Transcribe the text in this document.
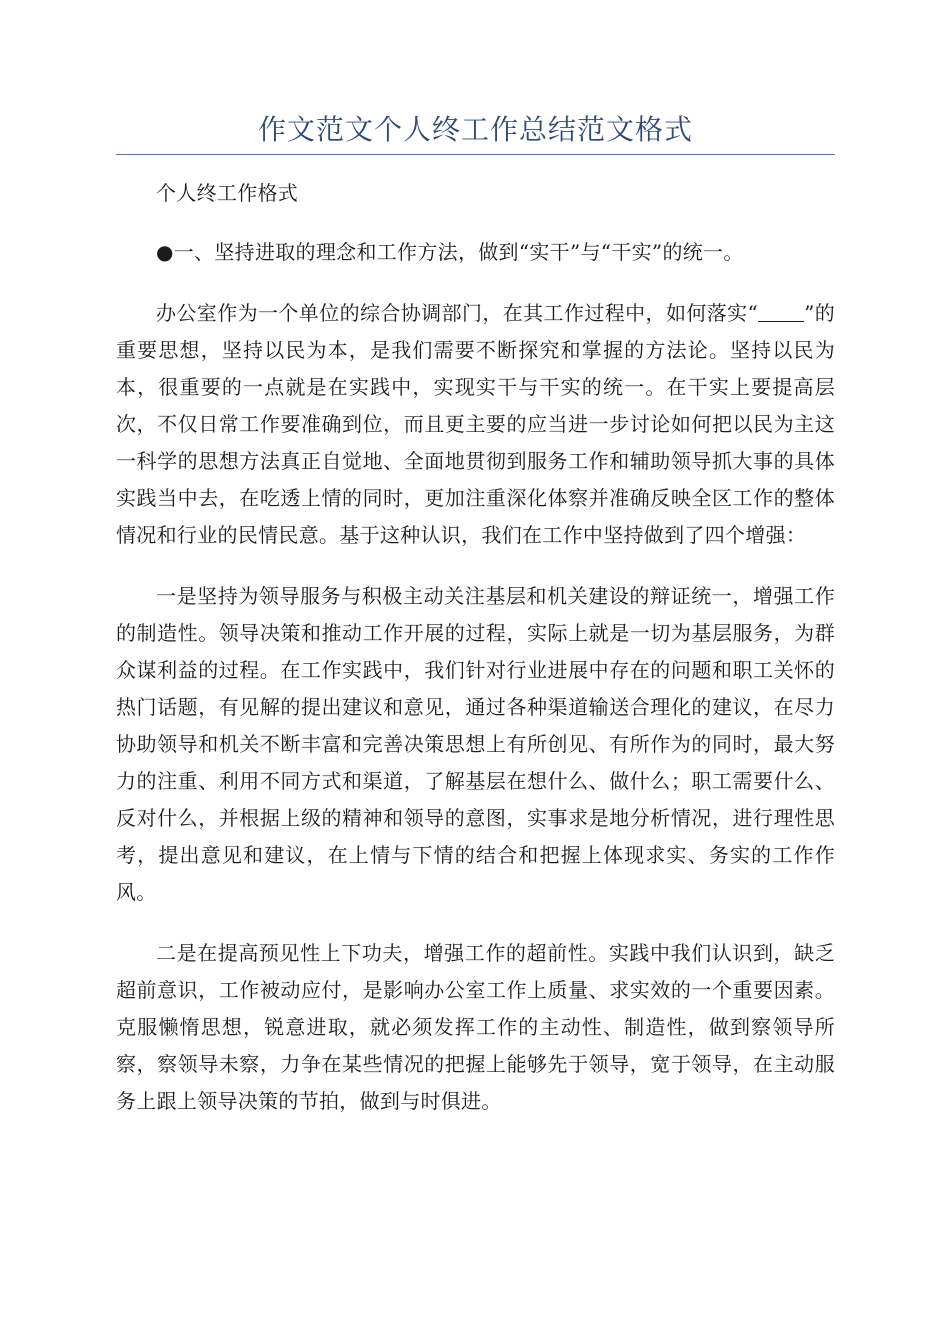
作文范文个人终工作总结范文格式

个人终工作格式

●一、坚持进取的理念和工作方法，做到“实干”与“干实”的统一。

办公室作为一个单位的综合协调部门，在其工作过程中，如何落实“ ”的重要思想，坚持以民为本，是我们需要不断探究和掌握的方法论。坚持以民为本，很重要的一点就是在实践中，实现实干与干实的统一。在干实上要提高层次，不仅日常工作要准确到位，而且更主要的应当进一步讨论如何把以民为主这一科学的思想方法真正自觉地、全面地贯彻到服务工作和辅助领导抓大事的具体实践当中去，在吃透上情的同时，更加注重深化体察并准确反映全区工作的整体情况和行业的民情民意。基于这种认识，我们在工作中坚持做到了四个增强：

一是坚持为领导服务与积极主动关注基层和机关建设的辩证统一，增强工作的制造性。领导决策和推动工作开展的过程，实际上就是一切为基层服务，为群众谋利益的过程。在工作实践中，我们针对行业进展中存在的问题和职工关怀的热门话题，有见解的提出建议和意见，通过各种渠道输送合理化的建议，在尽力协助领导和机关不断丰富和完善决策思想上有所创见、有所作为的同时，最大努力的注重、利用不同方式和渠道，了解基层在想什么、做什么；职工需要什么、反对什么，并根据上级的精神和领导的意图，实事求是地分析情况，进行理性思考，提出意见和建议，在上情与下情的结合和把握上体现求实、务实的工作作风。

二是在提高预见性上下功夫，增强工作的超前性。实践中我们认识到，缺乏超前意识，工作被动应付，是影响办公室工作上质量、求实效的一个重要因素。克服懒惰思想，锐意进取，就必须发挥工作的主动性、制造性，做到察领导所察，察领导未察，力争在某些情况的把握上能够先于领导，宽于领导，在主动服务上跟上领导决策的节拍，做到与时俱进。
